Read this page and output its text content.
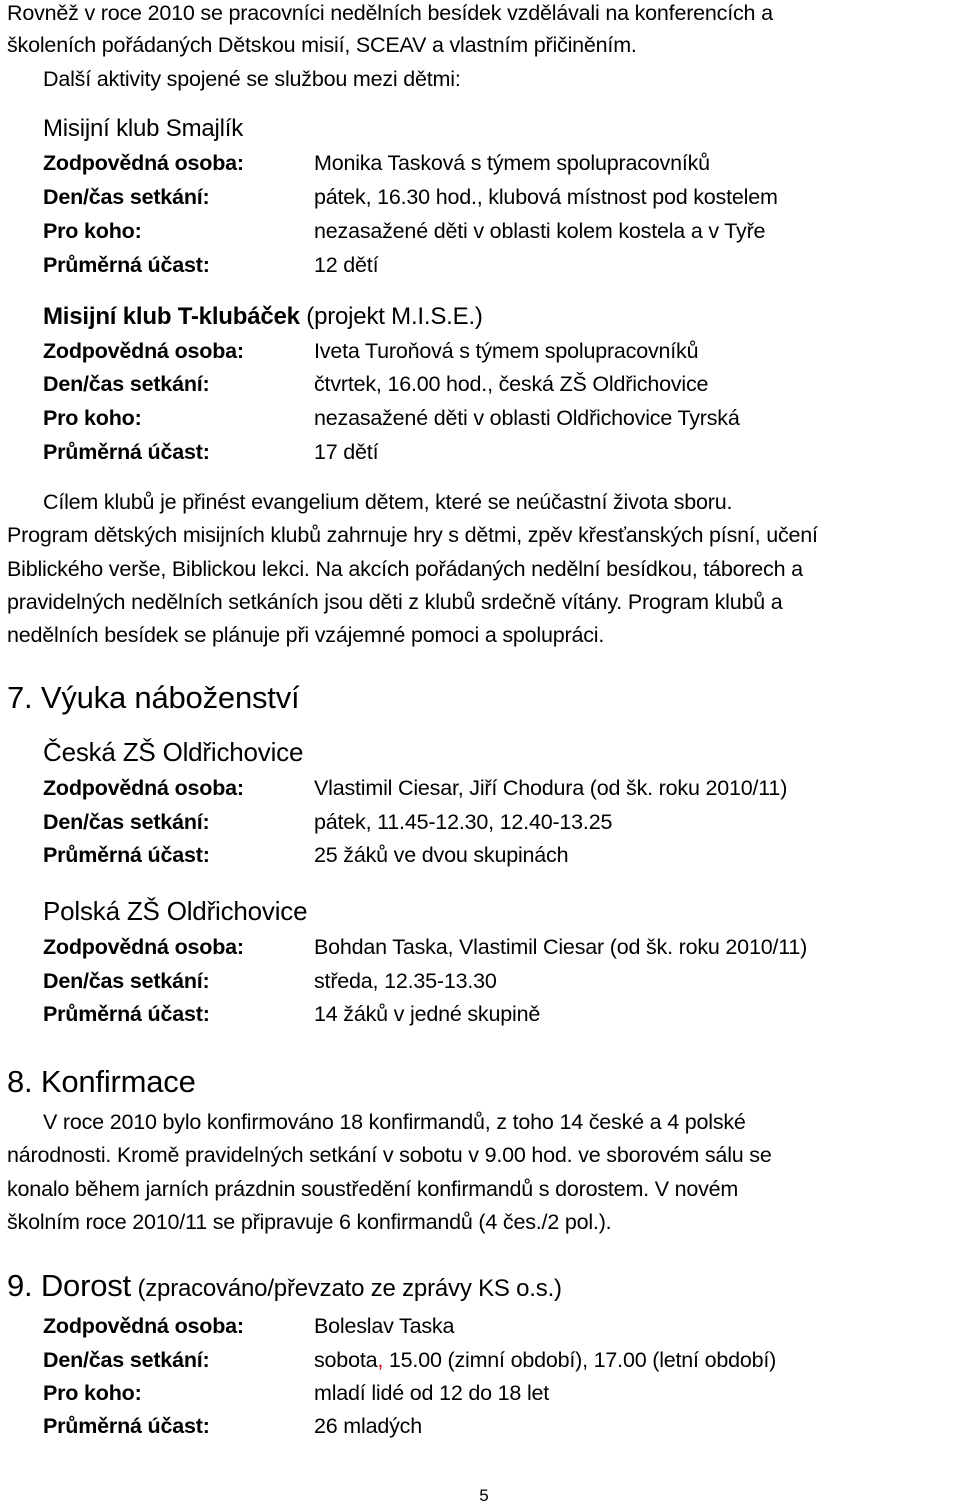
Rovněž v roce 2010 se pracovníci nedělních besídek vzdělávali na konferencích a
školeních pořádaných Dětskou misií, SCEAV a vlastním přičiněním.
Další aktivity spojené se službou mezi dětmi:
Misijní klub Smajlík
Zodpovědná osoba:	Monika Tasková s týmem spolupracovníků
Den/čas setkání:	pátek, 16.30 hod., klubová místnost pod kostelem
Pro koho:	nezasažené děti v oblasti kolem kostela a v Tyře
Průměrná účast:	12 dětí
Misijní klub T-klubáček (projekt M.I.S.E.)
Zodpovědná osoba:	Iveta Turoňová s týmem spolupracovníků
Den/čas setkání:	čtvrtek, 16.00 hod., česká ZŠ Oldřichovice
Pro koho:	nezasažené děti v oblasti Oldřichovice Tyrská
Průměrná účast:	17 dětí
Cílem klubů je přinést evangelium dětem, které se neúčastní života sboru.
Program dětských misijních klubů zahrnuje hry s dětmi, zpěv křesťanských písní, učení
Biblického verše, Biblickou lekci. Na akcích pořádaných nedělní besídkou, táborech a
pravidelných nedělních setkáních jsou děti z klubů srdečně vítány. Program klubů a
nedělních besídek se plánuje při vzájemné pomoci a spolupráci.
7. Výuka náboženství
Česká ZŠ Oldřichovice
Zodpovědná osoba:	Vlastimil Ciesar, Jiří Chodura (od šk. roku 2010/11)
Den/čas setkání:	pátek, 11.45-12.30, 12.40-13.25
Průměrná účast:	25 žáků ve dvou skupinách
Polská ZŠ Oldřichovice
Zodpovědná osoba:	Bohdan Taska, Vlastimil Ciesar (od šk. roku 2010/11)
Den/čas setkání:	středa, 12.35-13.30
Průměrná účast:	14 žáků v jedné skupině
8. Konfirmace
V roce 2010 bylo konfirmováno 18 konfirmandů, z toho 14 české a 4 polské
národnosti. Kromě pravidelných setkání v sobotu v 9.00 hod. ve sborovém sálu se
konalo během jarních prázdnin soustředění konfirmandů s dorostem. V novém
školním roce 2010/11 se připravuje 6 konfirmandů (4 čes./2 pol.).
9. Dorost (zpracováno/převzato ze zprávy KS o.s.)
Zodpovědná osoba:	Boleslav Taska
Den/čas setkání:	sobota, 15.00 (zimní období), 17.00 (letní období)
Pro koho:	mladí lidé od 12 do 18 let
Průměrná účast:	26 mladých
5
